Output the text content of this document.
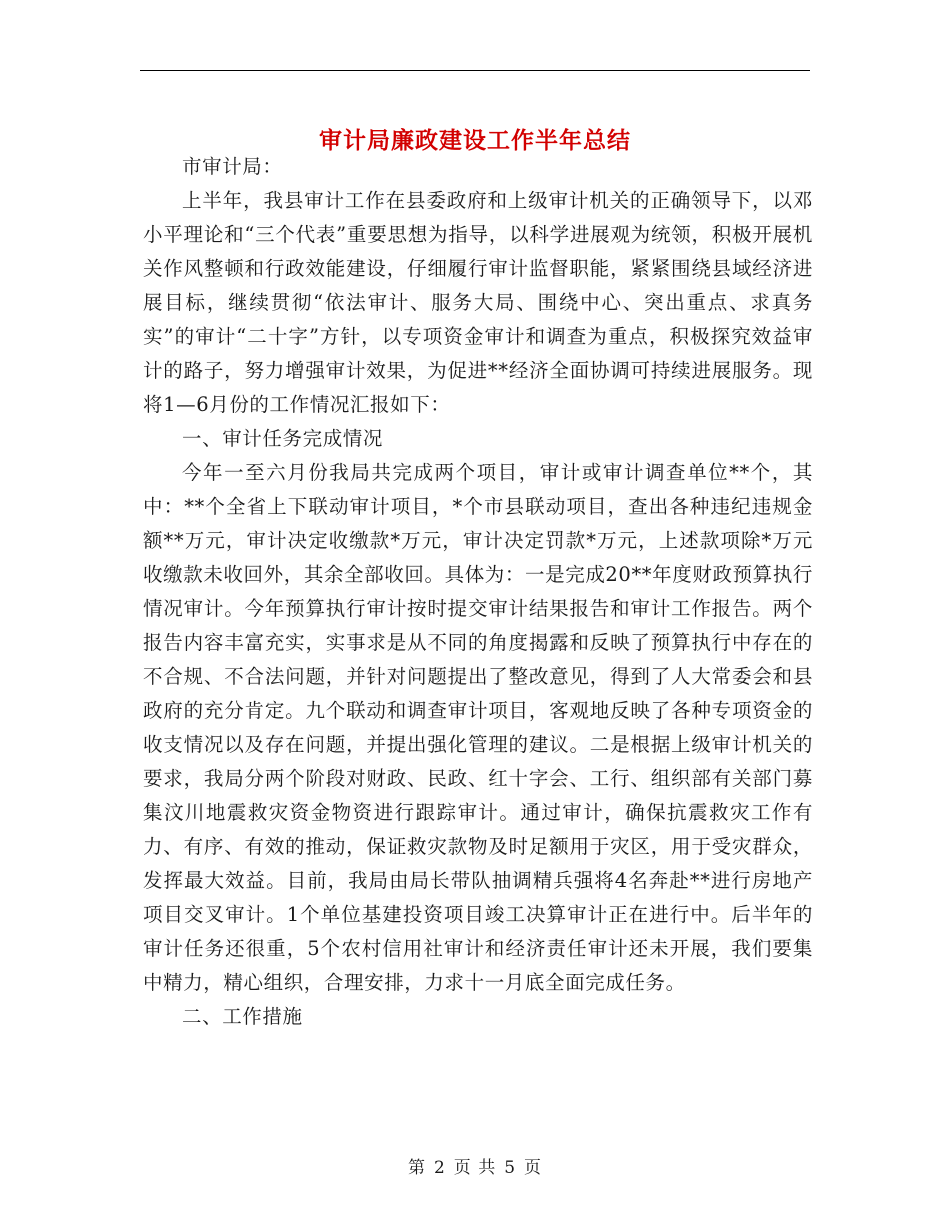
审计局廉政建设工作半年总结

市审计局：

上半年，我县审计工作在县委政府和上级审计机关的正确领导下，以邓小平理论和“三个代表”重要思想为指导，以科学进展观为统领，积极开展机关作风整顿和行政效能建设，仔细履行审计监督职能，紧紧围绕县域经济进展目标，继续贯彻“依法审计、服务大局、围绕中心、突出重点、求真务实”的审计“二十字”方针，以专项资金审计和调查为重点，积极探究效益审计的路子，努力增强审计效果，为促进**经济全面协调可持续进展服务。现将1—6月份的工作情况汇报如下：

一、审计任务完成情况

今年一至六月份我局共完成两个项目，审计或审计调查单位**个，其中：**个全省上下联动审计项目，*个市县联动项目，查出各种违纪违规金额**万元，审计决定收缴款*万元，审计决定罚款*万元，上述款项除*万元收缴款未收回外，其余全部收回。具体为：一是完成20**年度财政预算执行情况审计。今年预算执行审计按时提交审计结果报告和审计工作报告。两个报告内容丰富充实，实事求是从不同的角度揭露和反映了预算执行中存在的不合规、不合法问题，并针对问题提出了整改意见，得到了人大常委会和县政府的充分肯定。九个联动和调查审计项目，客观地反映了各种专项资金的收支情况以及存在问题，并提出强化管理的建议。二是根据上级审计机关的要求，我局分两个阶段对财政、民政、红十字会、工行、组织部有关部门募集汶川地震救灾资金物资进行跟踪审计。通过审计，确保抗震救灾工作有力、有序、有效的推动，保证救灾款物及时足额用于灾区，用于受灾群众，发挥最大效益。目前，我局由局长带队抽调精兵强将4名奔赴**进行房地产项目交叉审计。1个单位基建投资项目竣工决算审计正在进行中。后半年的审计任务还很重，5个农村信用社审计和经济责任审计还未开展，我们要集中精力，精心组织，合理安排，力求十一月底全面完成任务。

二、工作措施

第 2 页 共 5 页
